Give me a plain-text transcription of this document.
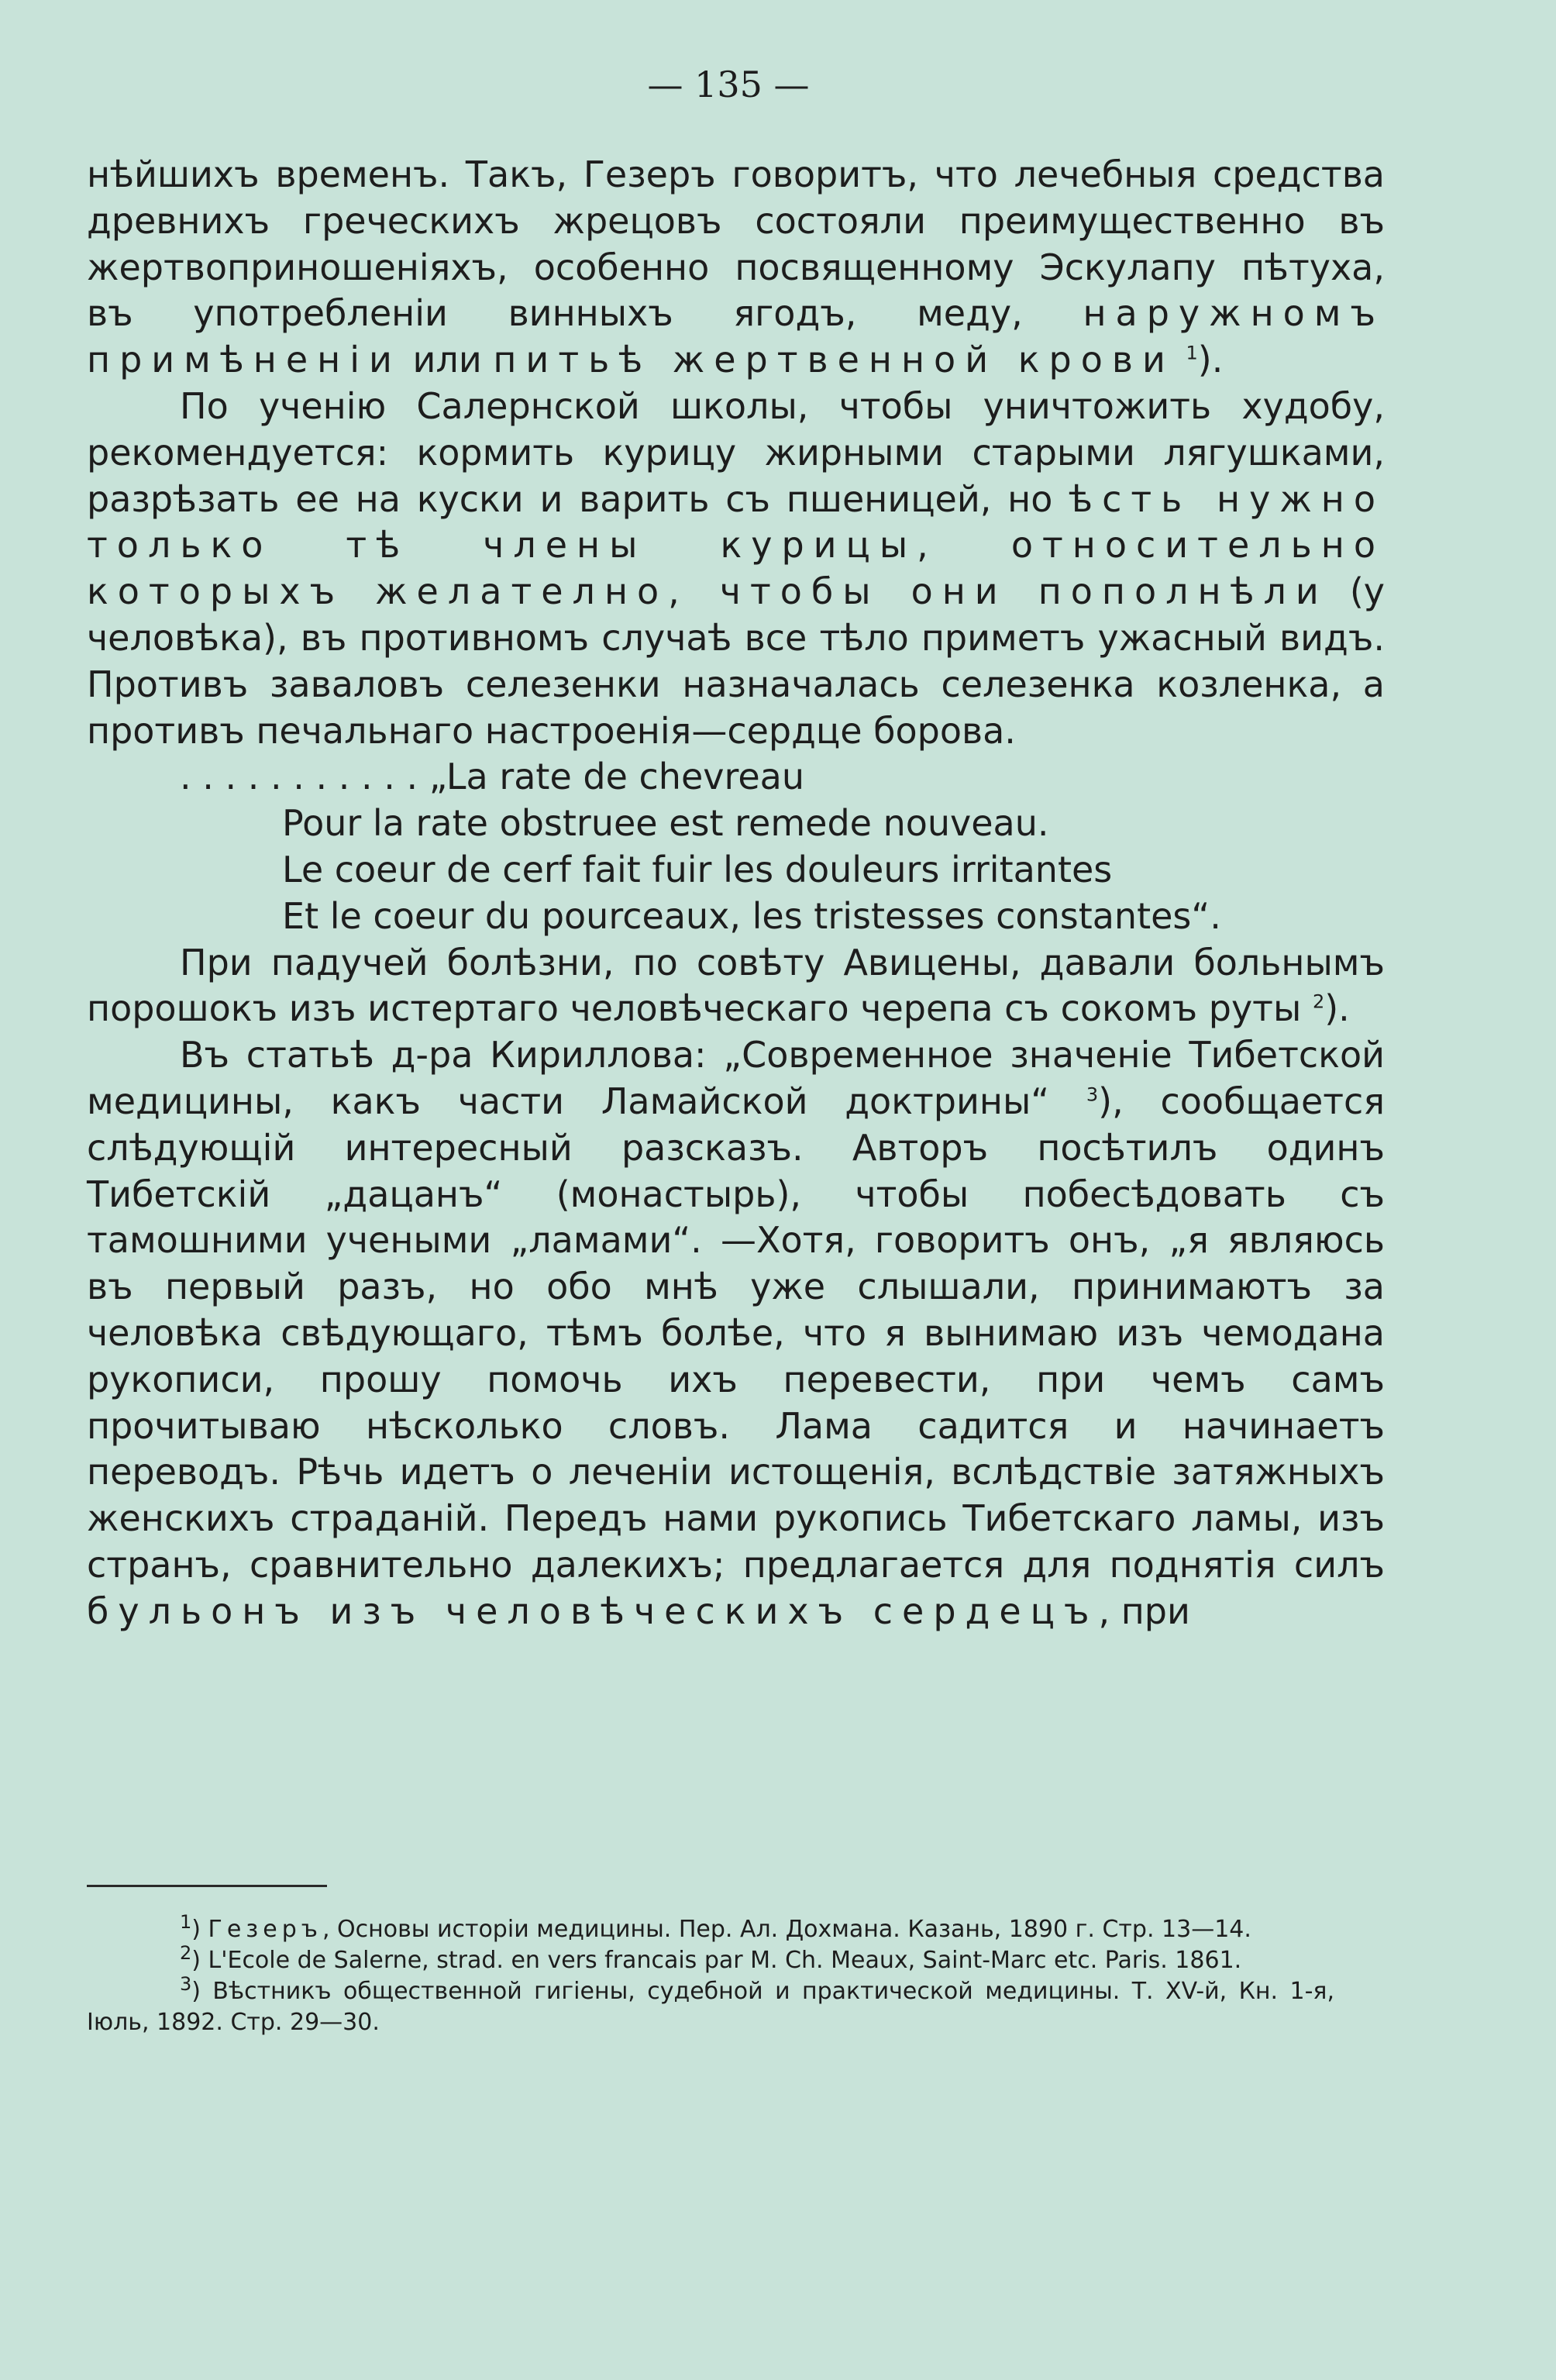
— 135 —

нѣйшихъ временъ. Такъ, Гезеръ говоритъ, что лечебныя средства древнихъ греческихъ жрецовъ состояли преимущественно въ жертвоприношеніяхъ, особенно посвященному Эскулапу пѣтуха, въ употребленіи винныхъ ягодъ, меду, наружномъ примѣненіи или питьѣ жертвенной крови $^1$).

По ученію Салернской школы, чтобы уничтожить худобу, рекомендуется: кормить курицу жирными старыми лягушками, разрѣзать ее на куски и варить съ пшеницей, но ѣсть нужно только тѣ члены курицы, относительно которыхъ желателно, чтобы они пополнѣли (у человѣка), въ противномъ случаѣ все тѣло приметъ ужасный видъ. Противъ заваловъ селезенки назначалась селезенка козленка, а противъ печальнаго настроенія—сердце борова.

. . . . . . . . . . . „La rate de chevreau
Pour la rate obstruee est remede nouveau.
Le coeur de cerf fait fuir les douleurs irritantes
Et le coeur du pourceaux, les tristesses constantes“.

При падучей болѣзни, по совѣту Авицены, давали больнымъ порошокъ изъ истертаго человѣческаго черепа съ сокомъ руты $^2$).

Въ статьѣ д-ра Кириллова: „Современное значеніе Тибетской медицины, какъ части Ламайской доктрины“ $^3$), сообщается слѣдующій интересный разсказъ. Авторъ посѣтилъ одинъ Тибетскій „дацанъ“ (монастырь), чтобы побесѣдовать съ тамошними учеными „ламами“. —Хотя, говоритъ онъ, „я являюсь въ первый разъ, но обо мнѣ уже слышали, принимаютъ за человѣка свѣдующаго, тѣмъ болѣе, что я вынимаю изъ чемодана рукописи, прошу помочь ихъ перевести, при чемъ самъ прочитываю нѣсколько словъ. Лама садится и начинаетъ переводъ. Рѣчь идетъ о леченіи истощенія, вслѣдствіе затяжныхъ женскихъ страданій. Передъ нами рукопись Тибетскаго ламы, изъ странъ, сравнительно далекихъ; предлагается для поднятія силъ бульонъ изъ человѣческихъ сердецъ, при

$^1$) Гезеръ, Основы исторіи медицины. Пер. Ал. Дохмана. Казань, 1890 г. Стр. 13—14.

$^2$) L'Ecole de Salerne, strad. en vers francais par M. Ch. Meaux, Saint-Marc etc. Paris. 1861.

$^3$) Вѣстникъ общественной гигіены, судебной и практической медицины. Т. XV-й, Кн. 1-я, Іюль, 1892. Стр. 29—30.
